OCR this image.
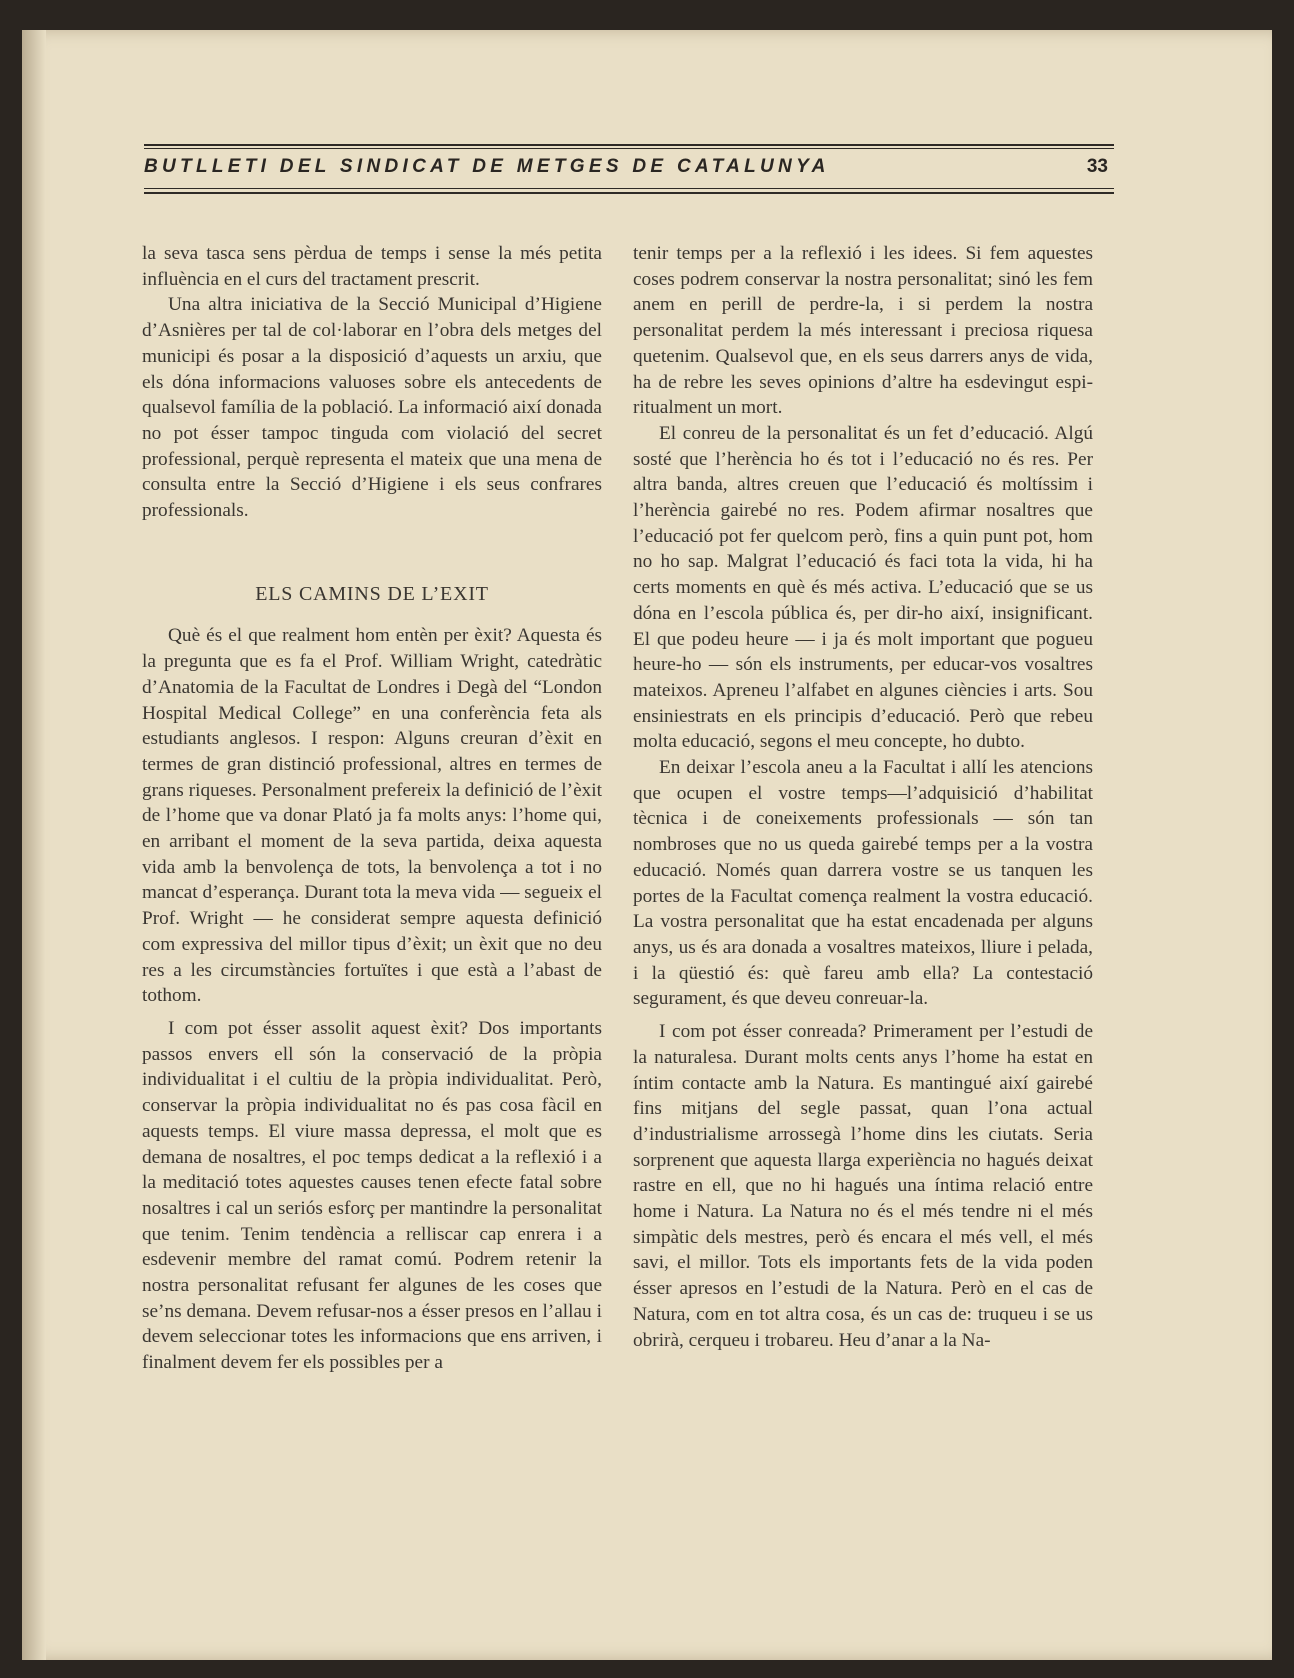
BUTLLETI DEL SINDICAT DE METGES DE CATALUNYA	33

la seva tasca sens pèrdua de temps i sense la més petita influència en el curs del tractament prescrit.

Una altra iniciativa de la Secció Municipal d’Higiene d’Asnières per tal de col·laborar en l’obra dels metges del municipi és posar a la disposició d’aquests un arxiu, que els dóna informacions valuoses sobre els antecedents de qualsevol família de la població. La informació així donada no pot ésser tampoc tinguda com violació del secret professional, perquè representa el mateix que una mena de consulta entre la Secció d’Higiene i els seus confrares professionals.

ELS CAMINS DE L’EXIT

Què és el que realment hom entèn per èxit? Aquesta és la pregunta que es fa el Prof. William Wright, catedràtic d’Anatomia de la Facultat de Londres i Degà del “London Hospital Medical College” en una conferència feta als estudiants anglesos. I respon: Alguns creuran d’èxit en termes de gran distinció professional, altres en termes de grans riqueses. Personalment prefereix la definició de l’èxit de l’home que va donar Plató ja fa molts anys: l’home qui, en arribant el moment de la seva partida, deixa aquesta vida amb la benvolença de tots, la benvolença a tot i no mancat d’esperança. Durant tota la meva vida — segueix el Prof. Wright — he considerat sempre aquesta definició com expressiva del millor tipus d’èxit; un èxit que no deu res a les circumstàncies fortuïtes i que està a l’abast de tothom.

I com pot ésser assolit aquest èxit? Dos importants passos envers ell són la conservació de la pròpia individualitat i el cultiu de la pròpia individualitat. Però, conservar la pròpia individualitat no és pas cosa fàcil en aquests temps. El viure massa depressa, el molt que es demana de nosaltres, el poc temps dedicat a la reflexió i a la meditació totes aquestes causes tenen efecte fatal sobre nosaltres i cal un seriós esforç per mantindre la personalitat que tenim. Tenim tendència a relliscar cap enrera i a esdevenir membre del ramat comú. Podrem retenir la nostra personalitat refusant fer algunes de les coses que se’ns demana. Devem refusar-nos a ésser presos en l’allau i devem seleccionar totes les informacions que ens arriven, i finalment devem fer els possibles per a

tenir temps per a la reflexió i les idees. Si fem aquestes coses podrem conservar la nostra personalitat; sinó les fem anem en perill de perdre-la, i si perdem la nostra personalitat perdem la més interessant i preciosa riquesa quetenim. Qualsevol que, en els seus darrers anys de vida, ha de rebre les seves opinions d’altre ha esdevingut espiritualment un mort.

El conreu de la personalitat és un fet d’educació. Algú sosté que l’herència ho és tot i l’educació no és res. Per altra banda, altres creuen que l’educació és moltíssim i l’herència gairebé no res. Podem afirmar nosaltres que l’educació pot fer quelcom però, fins a quin punt pot, hom no ho sap. Malgrat l’educació és faci tota la vida, hi ha certs moments en què és més activa. L’educació que se us dóna en l’escola pública és, per dir-ho així, insignificant. El que podeu heure — i ja és molt important que pogueu heure-ho — són els instruments, per educar-vos vosaltres mateixos. Apreneu l’alfabet en algunes ciències i arts. Sou ensiniestrats en els principis d’educació. Però que rebeu molta educació, segons el meu concepte, ho dubto.

En deixar l’escola aneu a la Facultat i allí les atencions que ocupen el vostre temps—l’adquisició d’habilitat tècnica i de coneixements professionals — són tan nombroses que no us queda gairebé temps per a la vostra educació. Només quan darrera vostre se us tanquen les portes de la Facultat comença realment la vostra educació. La vostra personalitat que ha estat encadenada per alguns anys, us és ara donada a vosaltres mateixos, lliure i pelada, i la qüestió és: què fareu amb ella? La contestació segurament, és que deveu conreuar-la.

I com pot ésser conreada? Primerament per l’estudi de la naturalesa. Durant molts cents anys l’home ha estat en íntim contacte amb la Natura. Es mantingué així gairebé fins mitjans del segle passat, quan l’ona actual d’industrialisme arrossegà l’home dins les ciutats. Seria sorprenent que aquesta llarga experiència no hagués deixat rastre en ell, que no hi hagués una íntima relació entre home i Natura. La Natura no és el més tendre ni el més simpàtic dels mestres, però és encara el més vell, el més savi, el millor. Tots els importants fets de la vida poden ésser apresos en l’estudi de la Natura. Però en el cas de Natura, com en tot altra cosa, és un cas de: truqueu i se us obrirà, cerqueu i trobareu. Heu d’anar a la Na-
